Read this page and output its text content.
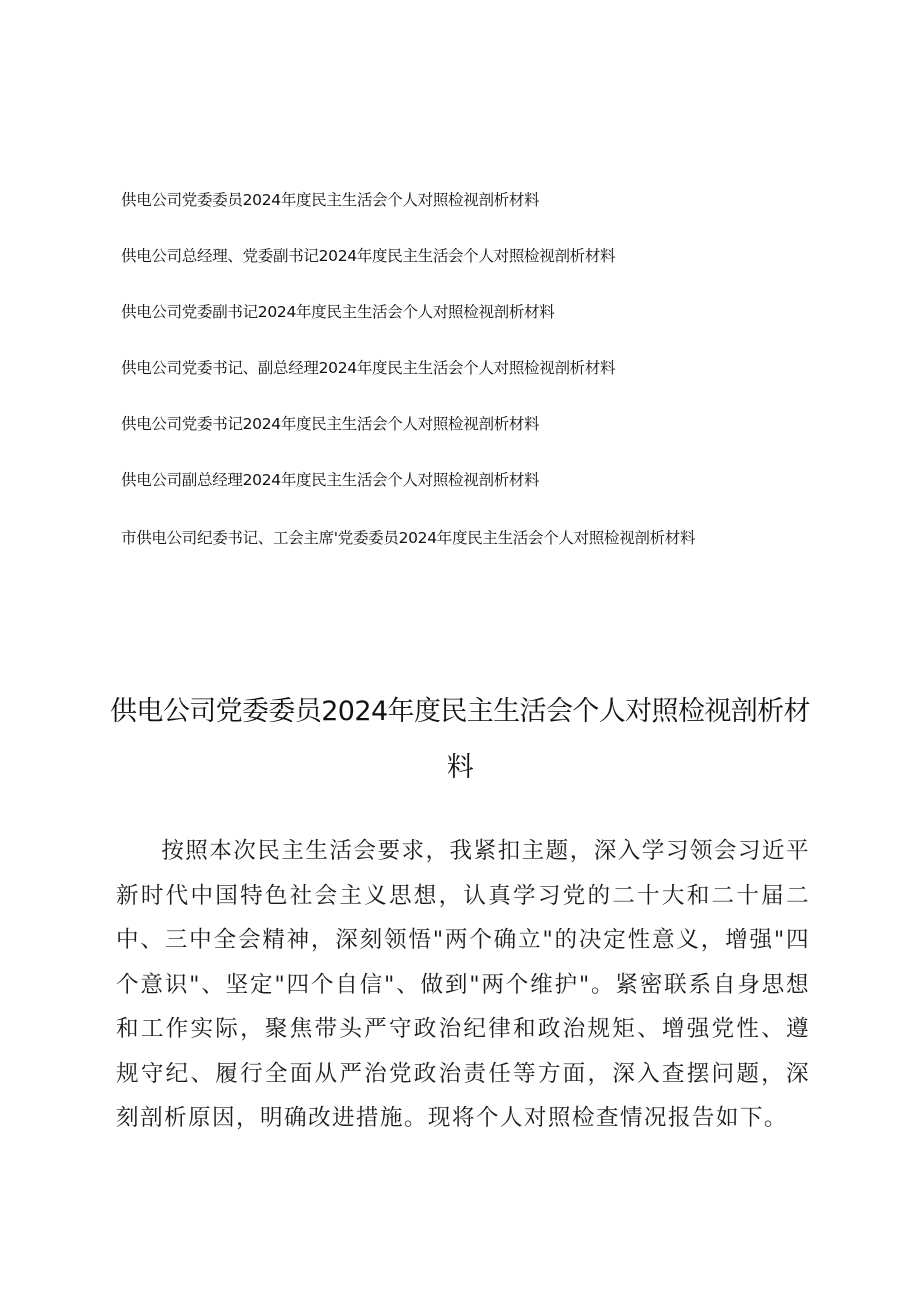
供电公司党委委员2024年度民主生活会个人对照检视剖析材料

供电公司总经理、党委副书记2024年度民主生活会个人对照检视剖析材料

供电公司党委副书记2024年度民主生活会个人对照检视剖析材料

供电公司党委书记、副总经理2024年度民主生活会个人对照检视剖析材料

供电公司党委书记2024年度民主生活会个人对照检视剖析材料

供电公司副总经理2024年度民主生活会个人对照检视剖析材料

市供电公司纪委书记、工会主席'党委委员2024年度民主生活会个人对照检视剖析材料

供电公司党委委员2024年度民主生活会个人对照检视剖析材料

按照本次民主生活会要求，我紧扣主题，深入学习领会习近平新时代中国特色社会主义思想，认真学习党的二十大和二十届二中、三中全会精神，深刻领悟"两个确立"的决定性意义，增强"四个意识"、坚定"四个自信"、做到"两个维护"。紧密联系自身思想和工作实际，聚焦带头严守政治纪律和政治规矩、增强党性、遵规守纪、履行全面从严治党政治责任等方面，深入查摆问题，深刻剖析原因，明确改进措施。现将个人对照检查情况报告如下。
